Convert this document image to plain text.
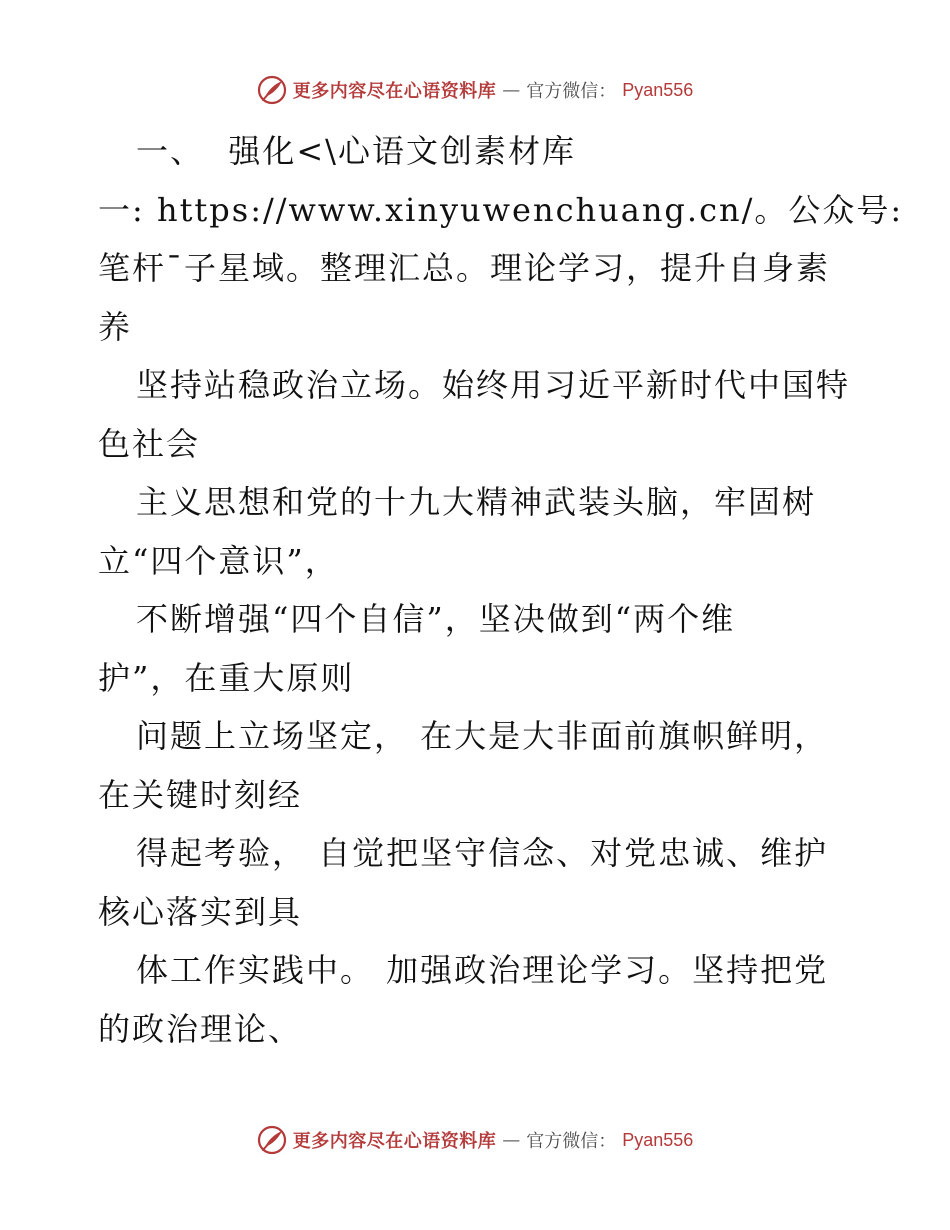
更多内容尽在心语资料库 — 官方微信： Pyan556
一、  强化<\心语文创素材库
一: https://www.xinyuwenchuang.cn/。公众号:
笔杆¯子星域。整理汇总。理论学习，提升自身素
养
坚持站稳政治立场。始终用习近平新时代中国特
色社会
主义思想和党的十九大精神武装头脑，牢固树
立“四个意识”，
不断增强“四个自信”，坚决做到“两个维
护”，在重大原则
问题上立场坚定， 在大是大非面前旗帜鲜明，
在关键时刻经
得起考验， 自觉把坚守信念、对党忠诚、维护
核心落实到具
体工作实践中。 加强政治理论学习。坚持把党
的政治理论、
更多内容尽在心语资料库 — 官方微信： Pyan556
